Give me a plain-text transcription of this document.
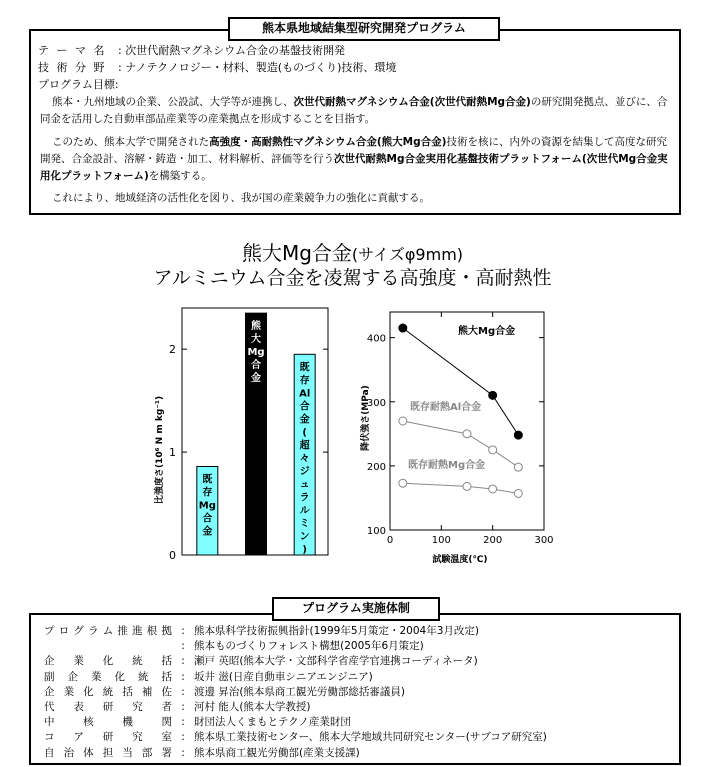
熊本県地域結集型研究開発プログラム
テ ー マ 名 : 次世代耐熱マグネシウム合金の基盤技術開発
技 術 分 野 : ナノテクノロジー・材料、製造(ものづくり)技術、環境
プログラム目標:
熊本・九州地域の企業、公設試、大学等が連携し、次世代耐熱マグネシウム合金(次世代耐熱Mg合金)の研究開発拠点、並びに、合同金を活用した自動車部品産業等の産業拠点を形成することを目指す。
このため、熊本大学で開発された高強度・高耐熱性マグネシウム合金(熊大Mg合金)技術を核に、内外の資源を結集して高度な研究開発、合金設計、溶解・鋳造・加工、材料解析、評価等を行う次世代耐熱Mg合金実用化基盤技術プラットフォーム(次世代Mg合金実用化プラットフォーム)を構築する。
これにより、地域経済の活性化を図り、我が国の産業競争力の強化に貢献する。
熊大Mg合金(サイズφ9mm)
アルミニウム合金を凌駕する高強度・高耐熱性
比強度さ(10⁶ N m kg⁻¹)
0
1
2
既
存
Mg
合
金
熊
大
Mg
合
金
既
存
Al
合
金
(
超
々
ジ
ュ
ラ
ル
ミ
ン
)
降伏強さ(MPa)
試験温度(℃)
100
200
300
400
0	100	200	300
熊大Mg合金
既存耐熱Al合金
既存耐熱Mg合金
プログラム実施体制
プログラム推進根拠 : 熊本県科学技術振興指針(1999年5月策定・2004年3月改定)
: 熊本ものづくりフォレスト構想(2005年6月策定)
企業化統括 : 瀬戸 英昭(熊本大学・文部科学省産学官連携コーディネータ)
副企業化統括 : 坂井 滋(日産自動車シニアエンジニア)
企業化統括補佐 : 渡邊 昇治(熊本県商工観光労働部総括審議員)
代表研究者 : 河村 能人(熊本大学教授)
中核機関 : 財団法人くまもとテクノ産業財団
コア研究室 : 熊本県工業技術センター、熊本大学地域共同研究センター(サブコア研究室)
自治体担当部署 : 熊本県商工観光労働部(産業支援課)
